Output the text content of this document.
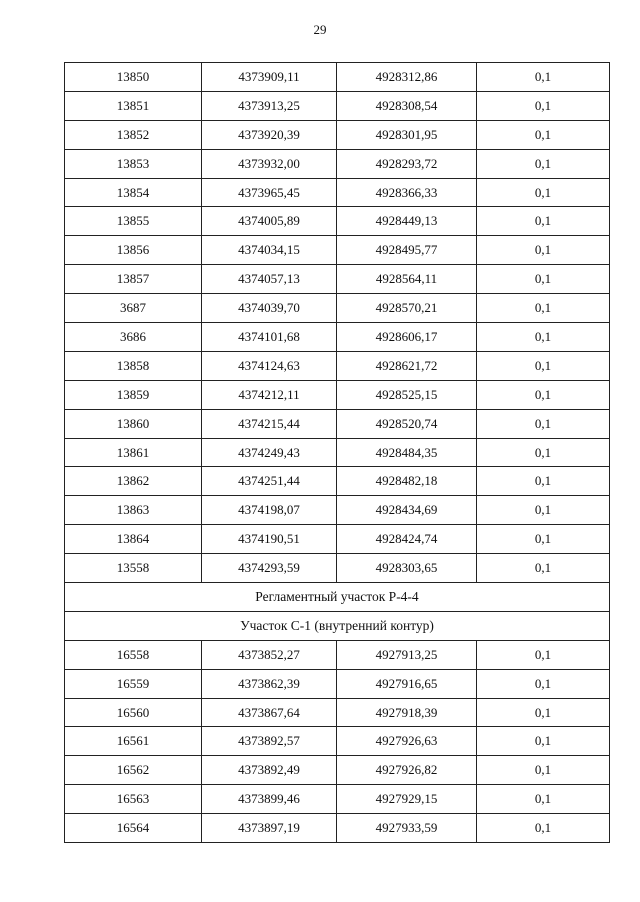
29
13850	4373909,11	4928312,86	0,1
13851	4373913,25	4928308,54	0,1
13852	4373920,39	4928301,95	0,1
13853	4373932,00	4928293,72	0,1
13854	4373965,45	4928366,33	0,1
13855	4374005,89	4928449,13	0,1
13856	4374034,15	4928495,77	0,1
13857	4374057,13	4928564,11	0,1
3687	4374039,70	4928570,21	0,1
3686	4374101,68	4928606,17	0,1
13858	4374124,63	4928621,72	0,1
13859	4374212,11	4928525,15	0,1
13860	4374215,44	4928520,74	0,1
13861	4374249,43	4928484,35	0,1
13862	4374251,44	4928482,18	0,1
13863	4374198,07	4928434,69	0,1
13864	4374190,51	4928424,74	0,1
13558	4374293,59	4928303,65	0,1
Регламентный участок Р-4-4			
Участок С-1 (внутренний контур)			
16558	4373852,27	4927913,25	0,1
16559	4373862,39	4927916,65	0,1
16560	4373867,64	4927918,39	0,1
16561	4373892,57	4927926,63	0,1
16562	4373892,49	4927926,82	0,1
16563	4373899,46	4927929,15	0,1
16564	4373897,19	4927933,59	0,1
